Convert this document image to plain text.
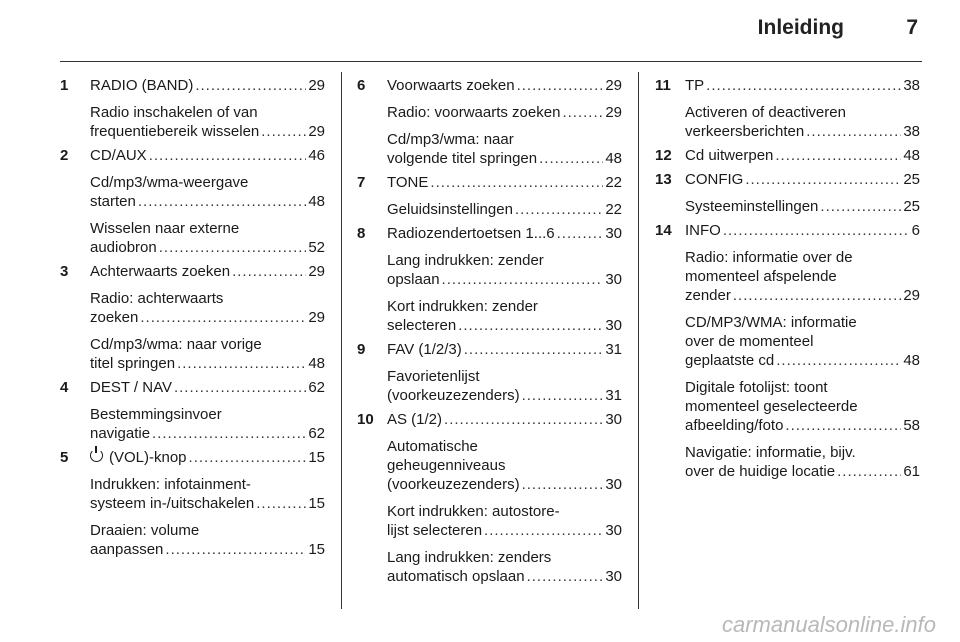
Inleiding	7
1	RADIO (BAND) .....	29
Radio inschakelen of van
frequentiebereik wisselen .....	29
2	CD/AUX .....	46
Cd/mp3/wma-weergave
starten .....	48
Wisselen naar externe
audiobron .....	52
3	Achterwaarts zoeken .....	29
Radio: achterwaarts
zoeken .....	29
Cd/mp3/wma: naar vorige
titel springen .....	48
4	DEST / NAV .....	62
Bestemmingsinvoer
navigatie .....	62
5	(VOL)-knop .....	15
Indrukken: infotainment-
systeem in-/uitschakelen .....	15
Draaien: volume
aanpassen .....	15
6	Voorwaarts zoeken .....	29
Radio: voorwaarts zoeken .....	29
Cd/mp3/wma: naar
volgende titel springen .....	48
7	TONE .....	22
Geluidsinstellingen .....	22
8	Radiozendertoetsen 1...6 .....	30
Lang indrukken: zender
opslaan .....	30
Kort indrukken: zender
selecteren .....	30
9	FAV (1/2/3) .....	31
Favorietenlijst
(voorkeuzezenders) .....	31
10 AS (1/2) .....	30
Automatische
geheugenniveaus
(voorkeuzezenders) .....	30
Kort indrukken: autostore-
lijst selecteren .....	30
Lang indrukken: zenders
automatisch opslaan .....	30
11 TP .....	38
Activeren of deactiveren
verkeersberichten .....	38
12 Cd uitwerpen .....	48
13 CONFIG .....	25
Systeeminstellingen .....	25
14 INFO .....	6
Radio: informatie over de
momenteel afspelende
zender .....	29
CD/MP3/WMA: informatie
over de momenteel
geplaatste cd .....	48
Digitale fotolijst: toont
momenteel geselecteerde
afbeelding/foto .....	58
Navigatie: informatie, bijv.
over de huidige locatie .....	61
carmanualsonline.info
